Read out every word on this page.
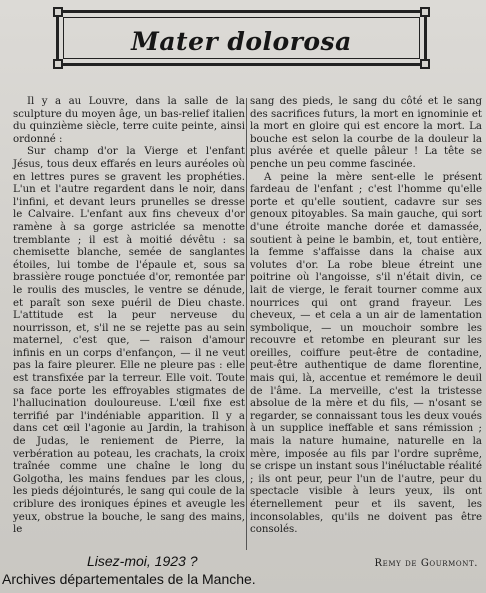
Mater dolorosa

Il y a au Louvre, dans la salle de la sculpture du moyen âge, un bas-relief italien du quinzième siècle, terre cuite peinte, ainsi ordonné :

Sur champ d'or la Vierge et l'enfant Jésus, tous deux effarés en leurs auréoles où en lettres pures se gravent les prophéties. L'un et l'autre regardent dans le noir, dans l'infini, et devant leurs prunelles se dresse le Calvaire. L'enfant aux fins cheveux d'or ramène à sa gorge astriclée sa menotte tremblante ; il est à moitié dévêtu : sa chemisette blanche, semée de sanglantes étoiles, lui tombe de l'épaule et, sous sa brassière rouge ponctuée d'or, remontée par le roulis des muscles, le ventre se dénude, et paraît son sexe puéril de Dieu chaste. L'attitude est la peur nerveuse du nourrisson, et, s'il ne se rejette pas au sein maternel, c'est que, — raison d'amour infinis en un corps d'enfançon, — il ne veut pas la faire pleurer. Elle ne pleure pas : elle est transfixée par la terreur. Elle voit. Toute sa face porte les effroyables stigmates de l'hallucination douloureuse. L'œil fixe est terrifié par l'indéniable apparition. Il y a dans cet œil l'agonie au Jardin, la trahison de Judas, le reniement de Pierre, la verbération au poteau, les crachats, la croix traînée comme une chaîne le long du Golgotha, les mains fendues par les clous, les pieds déjointurés, le sang qui coule de la criblure des ironiques épines et aveugle les yeux, obstrue la bouche, le sang des mains, le

sang des pieds, le sang du côté et le sang des sacrifices futurs, la mort en ignominie et la mort en gloire qui est encore la mort. La bouche est selon la courbe de la douleur la plus avérée et quelle pâleur ! La tête se penche un peu comme fascinée.

A peine la mère sent-elle le présent fardeau de l'enfant ; c'est l'homme qu'elle porte et qu'elle soutient, cadavre sur ses genoux pitoyables. Sa main gauche, qui sort d'une étroite manche dorée et damassée, soutient à peine le bambin, et, tout entière, la femme s'affaisse dans la chaise aux volutes d'or. La robe bleue étreint une poitrine où l'angoisse, s'il n'était divin, ce lait de vierge, le ferait tourner comme aux nourrices qui ont grand frayeur. Les cheveux, — et cela a un air de lamentation symbolique, — un mouchoir sombre les recouvre et retombe en pleurant sur les oreilles, coiffure peut-être de contadine, peut-être authentique de dame florentine, mais qui, là, accentue et remémore le deuil de l'âme. La merveille, c'est la tristesse absolue de la mère et du fils, — n'osant se regarder, se connaissant tous les deux voués à un supplice ineffable et sans rémission ; mais la nature humaine, naturelle en la mère, imposée au fils par l'ordre suprême, se crispe un instant sous l'inéluctable réalité ; ils ont peur, peur l'un de l'autre, peur du spectacle visible à leurs yeux, ils ont éternellement peur et ils savent, les inconsolables, qu'ils ne doivent pas être consolés.

Remy de Gourmont.
Lisez-moi, 1923 ?
Archives départementales de la Manche.
